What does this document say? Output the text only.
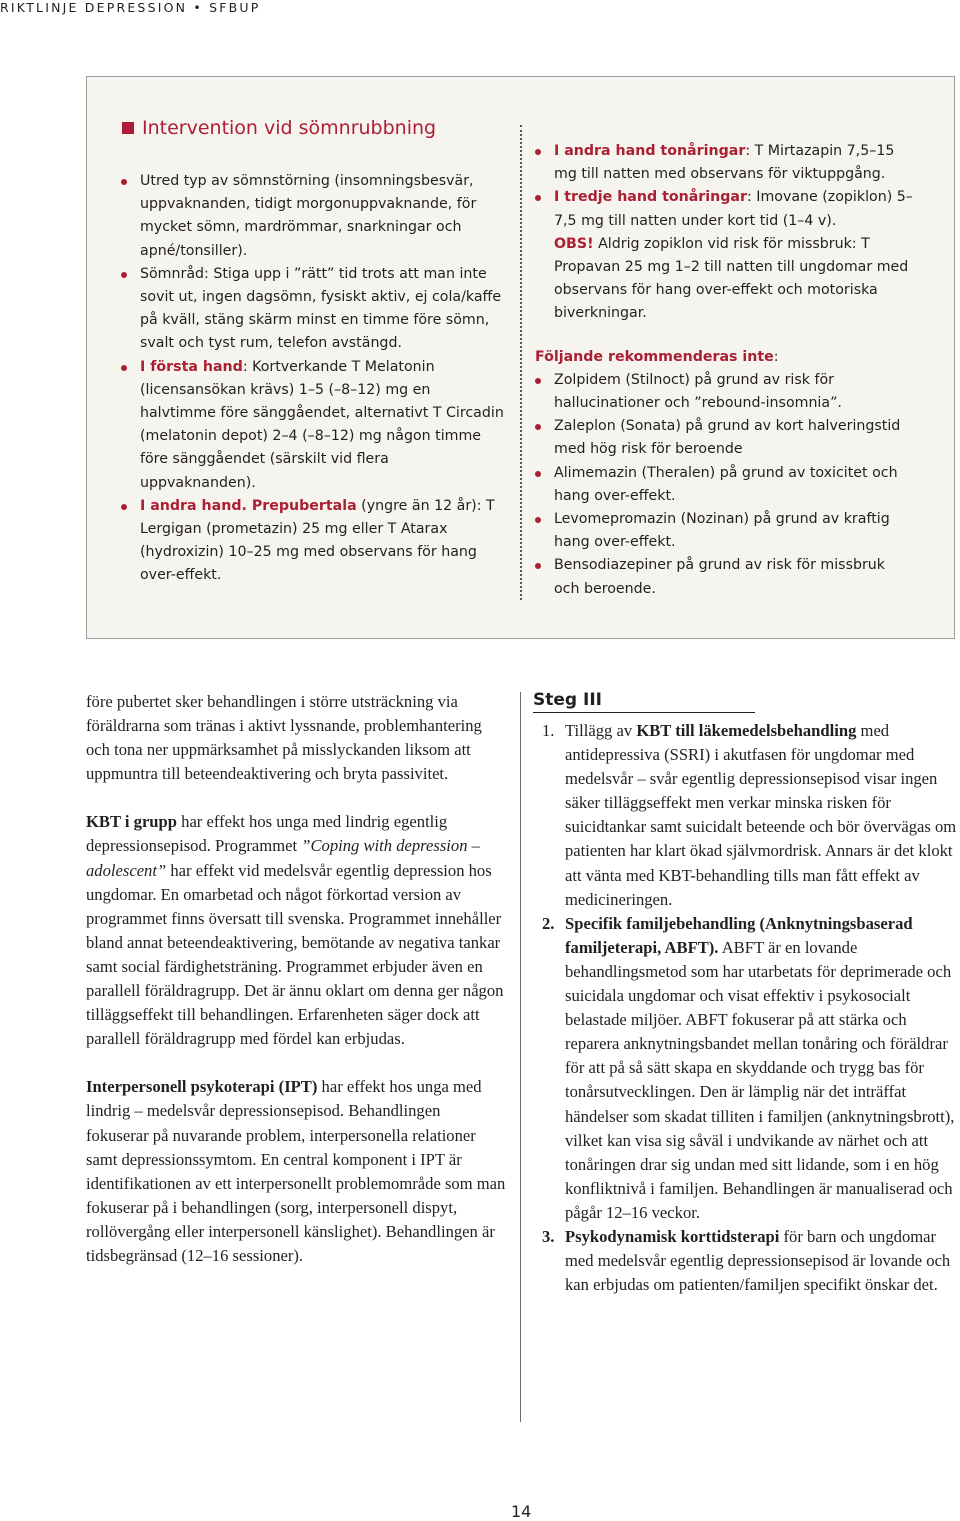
RIKTLINJE DEPRESSION • SFBUP
Intervention vid sömnrubbning
Utred typ av sömnstörning (insomningsbesvär, uppvaknanden, tidigt morgonuppvaknande, för mycket sömn, mardrömmar, snarkningar och apné/tonsiller).
Sömnråd: Stiga upp i ”rätt” tid trots att man inte sovit ut, ingen dagsömn, fysiskt aktiv, ej cola/kaffe på kväll, stäng skärm minst en timme före sömn, svalt och tyst rum, telefon avstängd.
I första hand: Kortverkande T Melatonin (licensansökan krävs) 1–5 (–8–12) mg en halvtimme före sänggåendet, alternativt T Circadin (melatonin depot) 2–4 (–8–12) mg någon timme före sänggåendet (särskilt vid flera uppvaknanden).
I andra hand. Prepubertala (yngre än 12 år): T Lergigan (prometazin) 25 mg eller T Atarax (hydroxizin) 10–25 mg med observans för hang over-effekt.
I andra hand tonåringar: T Mirtazapin 7,5–15 mg till natten med observans för viktuppgång.
I tredje hand tonåringar: Imovane (zopiklon) 5–7,5 mg till natten under kort tid (1–4 v).
OBS! Aldrig zopiklon vid risk för missbruk: T Propavan 25 mg 1–2 till natten till ungdomar med observans för hang over-effekt och motoriska biverkningar.
Följande rekommenderas inte:
Zolpidem (Stilnoct) på grund av risk för hallucinationer och ”rebound-insomnia”.
Zaleplon (Sonata) på grund av kort halveringstid med hög risk för beroende
Alimemazin (Theralen) på grund av toxicitet och hang over-effekt.
Levomepromazin (Nozinan) på grund av kraftig hang over-effekt.
Bensodiazepiner på grund av risk för missbruk och beroende.

före pubertet sker behandlingen i större utsträckning via föräldrarna som tränas i aktivt lyssnande, problemhantering och tona ner uppmärksamhet på misslyckanden liksom att uppmuntra till beteendeaktivering och bryta passivitet.

KBT i grupp har effekt hos unga med lindrig egentlig depressionsepisod. Programmet ”Coping with depression – adolescent” har effekt vid medelsvår egentlig depression hos ungdomar. En omarbetad och något förkortad version av programmet finns översatt till svenska. Programmet innehåller bland annat beteendeaktivering, bemötande av negativa tankar samt social färdighetsträning. Programmet erbjuder även en parallell föräldragrupp. Det är ännu oklart om denna ger någon tilläggseffekt till behandlingen. Erfarenheten säger dock att parallell föräldragrupp med fördel kan erbjudas.

Interpersonell psykoterapi (IPT) har effekt hos unga med lindrig – medelsvår depressionsepisod. Behandlingen fokuserar på nuvarande problem, interpersonella relationer samt depressionssymtom. En central komponent i IPT är identifikationen av ett interpersonellt problemområde som man fokuserar på i behandlingen (sorg, interpersonell dispyt, rollövergång eller interpersonell känslighet). Behandlingen är tidsbegränsad (12–16 sessioner).

Steg III
1. Tillägg av KBT till läkemedelsbehandling med antidepressiva (SSRI) i akutfasen för ungdomar med medelsvår – svår egentlig depressionsepisod visar ingen säker tilläggseffekt men verkar minska risken för suicidtankar samt suicidalt beteende och bör övervägas om patienten har klart ökad självmordrisk. Annars är det klokt att vänta med KBT-behandling tills man fått effekt av medicineringen.
2. Specifik familjebehandling (Anknytningsbaserad familjeterapi, ABFT). ABFT är en lovande behandlingsmetod som har utarbetats för deprimerade och suicidala ungdomar och visat effektiv i psykosocialt belastade miljöer. ABFT fokuserar på att stärka och reparera anknytningsbandet mellan tonåring och föräldrar för att på så sätt skapa en skyddande och trygg bas för tonårsutvecklingen. Den är lämplig när det inträffat händelser som skadat tilliten i familjen (anknytningsbrott), vilket kan visa sig såväl i undvikande av närhet och att tonåringen drar sig undan med sitt lidande, som i en hög konfliktnivå i familjen. Behandlingen är manualiserad och pågår 12–16 veckor.
3. Psykodynamisk korttidsterapi för barn och ungdomar med medelsvår egentlig depressionsepisod är lovande och kan erbjudas om patienten/familjen specifikt önskar det.
14
